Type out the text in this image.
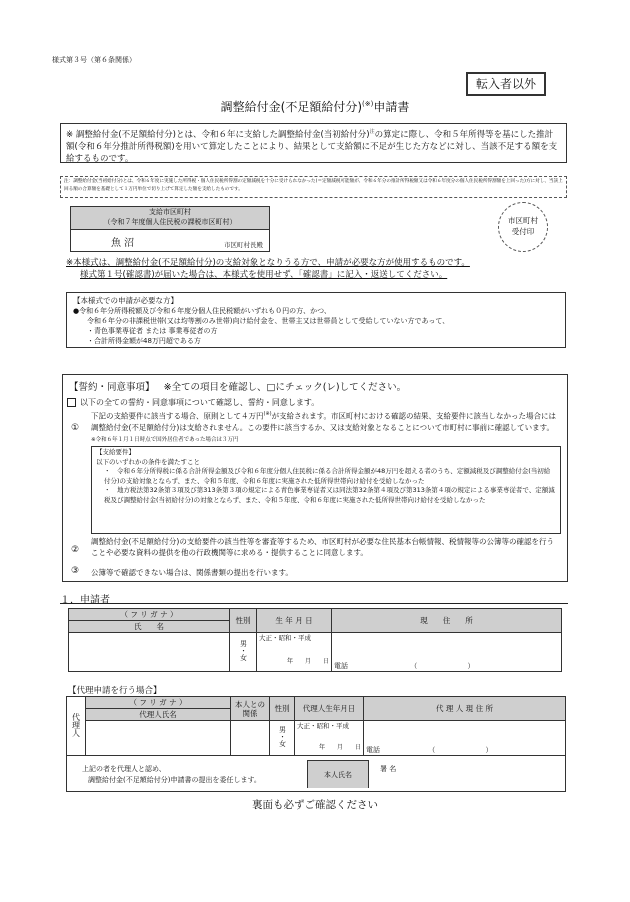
様式第３号（第６条関係）
転入者以外
調整給付金(不足額給付分)(※)申請書
※ 調整給付金(不足額給付分)とは、令和６年に支給した調整給付金(当初給付分)$^注$の算定に際し、令和５年所得等を基にした推計額(令和６年分推計所得税額)を用いて算定したことにより、結果として支給額に不足が生じた方などに対し、当該不足する額を支給するものです。
注：調整給付金(当初給付分)とは、令和６年度に実施した所得税・個人住民税所得割の定額減税を十分に受けられなかった(＝定額減税可能額が、令和６年分の推計所得税額又は令和６年度分の個人住民税所得割額を上回った)方に対し、当該上回る額の合算額を基礎として１万円単位で切り上げて算定した額を支給したものです。
支給市区町村
（令和７年度個人住民税の課税市区町村）
魚 沼	市区町村長殿
市区町村
受付印
※本様式は、調整給付金(不足額給付分)の支給対象となりうる方で、申請が必要な方が使用するものです。
様式第１号(確認書)が届いた場合は、本様式を使用せず、「確認書」に記入・返送してください。
【本様式での申請が必要な方】
●令和６年分所得税額及び令和６年度分個人住民税額がいずれも０円の方、かつ、
令和６年分の非課税世帯(又は均等割のみ世帯)向け給付金を、世帯主又は世帯員として受給していない方であって、
・青色事業専従者 または 事業専従者の方
・合計所得金額が48万円超である方
【誓約・同意事項】 ※全ての項目を確認し、□にチェック(レ)してください。
以下の全ての誓約・同意事項について確認し、誓約・同意します。
①
下記の支給要件に該当する場合、原則として４万円(※)が支給されます。市区町村における確認の結果、支給要件に該当しなかった場合には調整給付金(不足額給付分)は支給されません。この要件に該当するか、又は支給対象となることについて市町村に事前に確認しています。※令和６年１月１日時点で国外居住者であった場合は３万円
【支給要件】
以下のいずれかの条件を満たすこと
・　令和６年分所得税に係る合計所得金額及び令和６年度分個人住民税に係る合計所得金額が48万円を超える者のうち、定額減税及び調整給付金(当初給付分)の支給対象とならず、また、令和５年度、令和６年度に実施された低所得世帯向け給付を受給しなかった
・　地方税法第32条第３項及び第313条第３項の規定による青色事業専従者又は同法第32条第４項及び第313条第４項の規定による事業専従者で、定額減税及び調整給付金(当初給付分)の対象とならず、また、令和５年度、令和６年度に実施された低所得世帯向け給付を受給しなかった
②
調整給付金(不足額給付分)の支給要件の該当性等を審査等するため、市区町村が必要な住民基本台帳情報、税情報等の公簿等の確認を行うことや必要な資料の提供を他の行政機関等に求める・提供することに同意します。
③ 公簿等で確認できない場合は、関係書類の提出を行います。
１．申請者
（ フ リ ガ ナ ）	性別	生 年 月 日	現　　住　　所
氏　　名			
	男・女	大正・昭和・平成
年　　月　　日	電話 （ ）
【代理申請を行う場合】
代理人	（ フ リ ガ ナ ）	本人との関係	性別	代理人生年月日	代 理 人 現 住 所
	代理人氏名				
			男・女	大正・昭和・平成
年　　月　　日	電話 （ ）
上記の者を代理人と認め、
調整給付金(不足額給付分)申請書の提出を委任します。
本人氏名
署 名
裏面も必ずご確認ください
